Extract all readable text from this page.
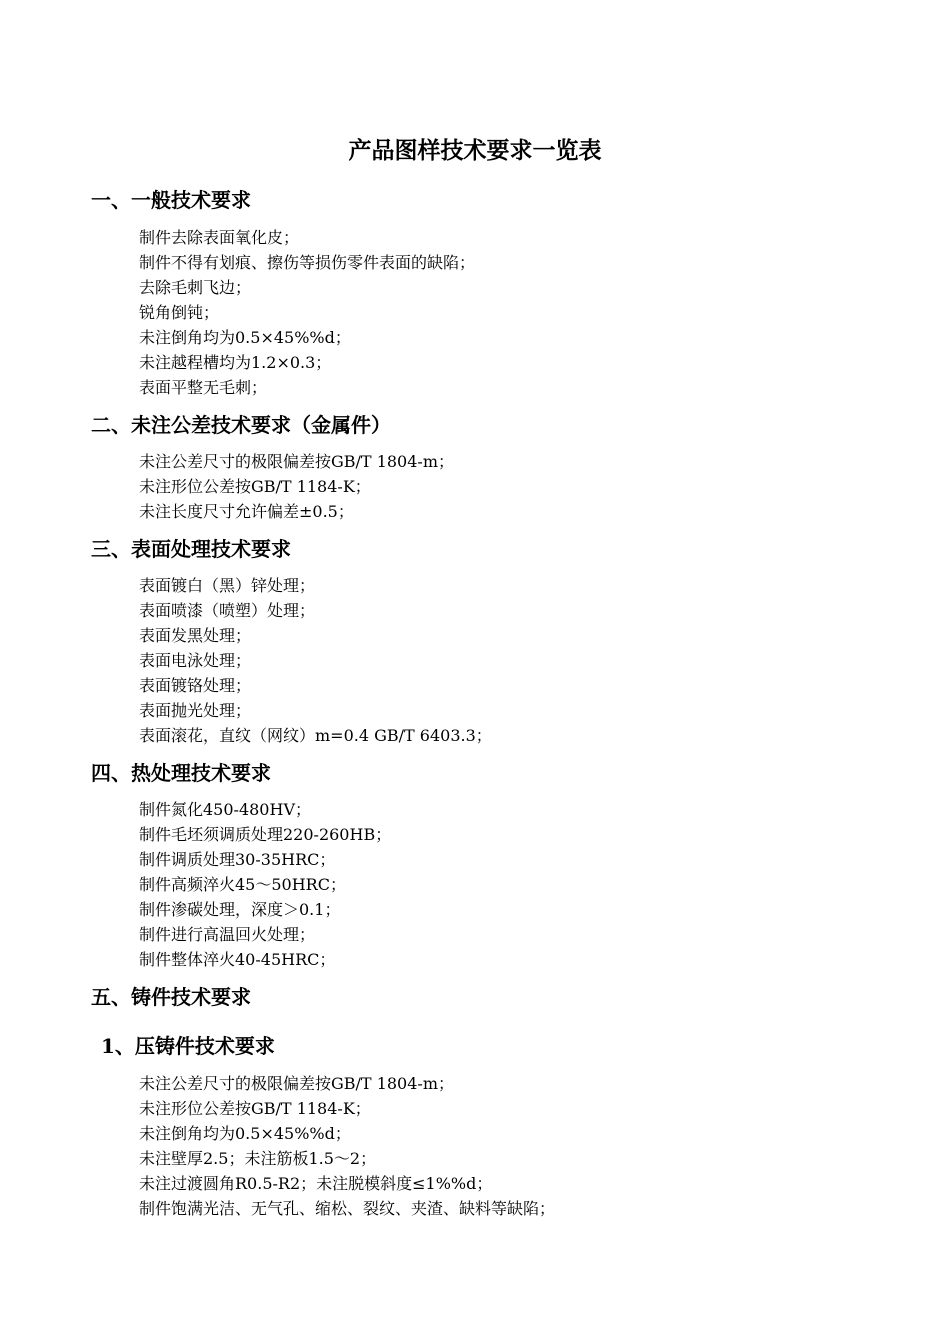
产品图样技术要求一览表
一、一般技术要求
制件去除表面氧化皮；
制件不得有划痕、擦伤等损伤零件表面的缺陷；
去除毛刺飞边；
锐角倒钝；
未注倒角均为0.5×45%%d；
未注越程槽均为1.2×0.3；
表面平整无毛刺；
二、未注公差技术要求（金属件）
未注公差尺寸的极限偏差按GB/T 1804-m；
未注形位公差按GB/T 1184-K；
未注长度尺寸允许偏差±0.5；
三、表面处理技术要求
表面镀白（黑）锌处理；
表面喷漆（喷塑）处理；
表面发黑处理；
表面电泳处理；
表面镀铬处理；
表面抛光处理；
表面滚花，直纹（网纹）m=0.4 GB/T 6403.3；
四、热处理技术要求
制件氮化450-480HV；
制件毛坯须调质处理220-260HB；
制件调质处理30-35HRC；
制件高频淬火45～50HRC；
制件渗碳处理，深度＞0.1；
制件进行高温回火处理；
制件整体淬火40-45HRC；
五、铸件技术要求
1、压铸件技术要求
未注公差尺寸的极限偏差按GB/T 1804-m；
未注形位公差按GB/T 1184-K；
未注倒角均为0.5×45%%d；
未注壁厚2.5；未注筋板1.5～2；
未注过渡圆角R0.5-R2；未注脱模斜度≤1%%d；
制件饱满光洁、无气孔、缩松、裂纹、夹渣、缺料等缺陷；
